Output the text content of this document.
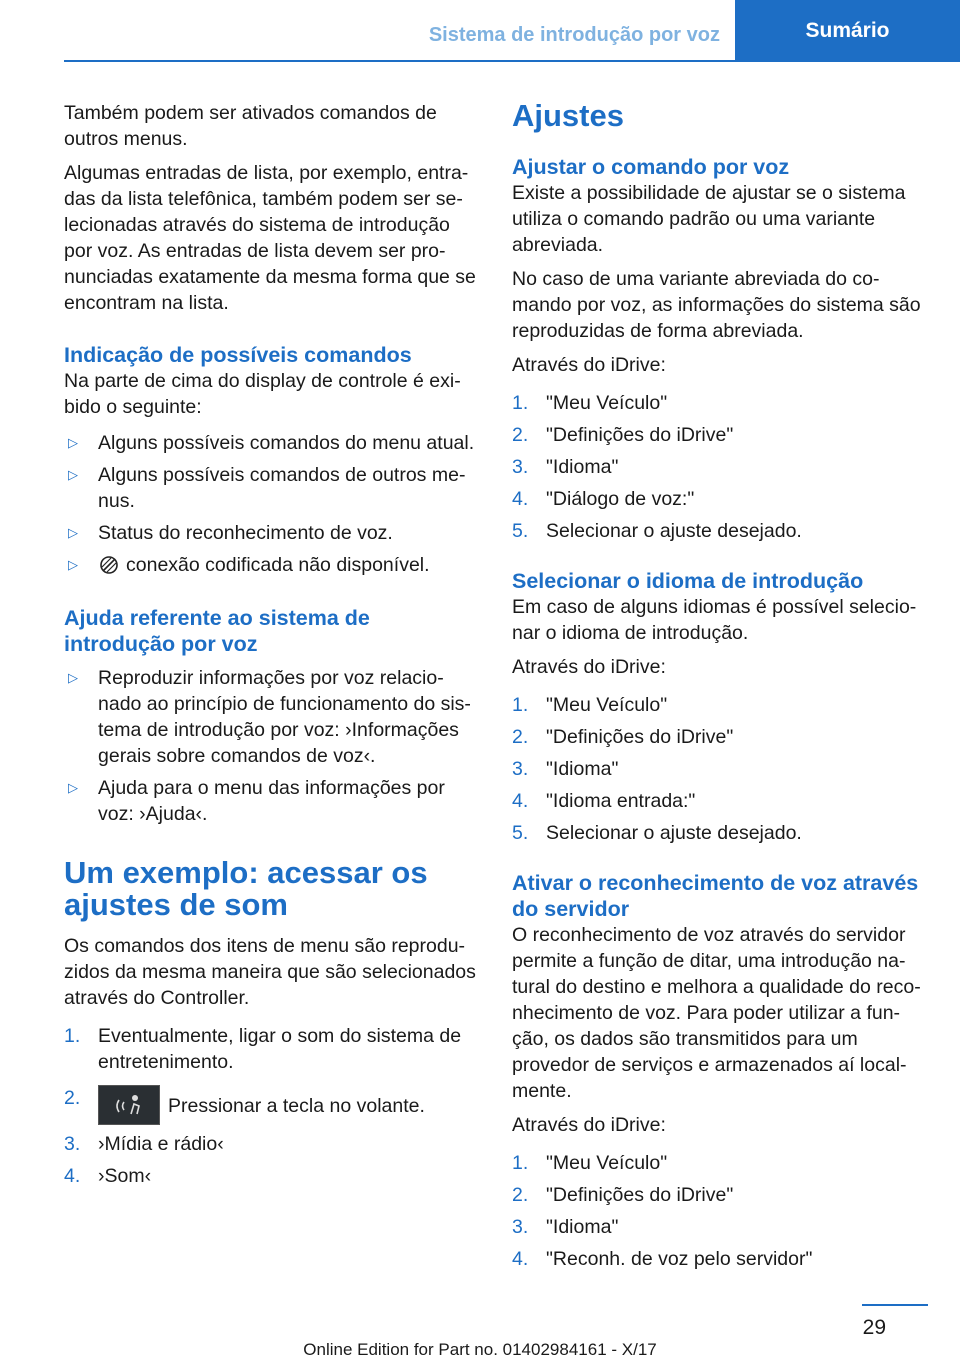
Sistema de introdução por voz	Sumário

Também podem ser ativados comandos de outros menus.

Algumas entradas de lista, por exemplo, entra-das da lista telefônica, também podem ser se-lecionadas através do sistema de introdução por voz. As entradas de lista devem ser pro-nunciadas exatamente da mesma forma que se encontram na lista.

Indicação de possíveis comandos

Na parte de cima do display de controle é exi-bido o seguinte:

▷ Alguns possíveis comandos do menu atual.
▷ Alguns possíveis comandos de outros me-nus.
▷ Status do reconhecimento de voz.
▷ conexão codificada não disponível.
Ajuda referente ao sistema de introdução por voz
▷ Reproduzir informações por voz relacio-nado ao princípio de funcionamento do sis-tema de introdução por voz: ›Informações gerais sobre comandos de voz‹.
▷ Ajuda para o menu das informações por voz: ›Ajuda‹.
Um exemplo: acessar os ajustes de som

Os comandos dos itens de menu são reprodu-zidos da mesma maneira que são selecionados através do Controller.

1. Eventualmente, ligar o som do sistema de entretenimento.
2.	Pressionar a tecla no volante.
3. ›Mídia e rádio‹
4. ›Som‹
Ajustes
Ajustar o comando por voz

Existe a possibilidade de ajustar se o sistema utiliza o comando padrão ou uma variante abreviada.

No caso de uma variante abreviada do co-mando por voz, as informações do sistema são reproduzidas de forma abreviada.

Através do iDrive:

1. "Meu Veículo"
2. "Definições do iDrive"
3. "Idioma"
4. "Diálogo de voz:"
5. Selecionar o ajuste desejado.
Selecionar o idioma de introdução

Em caso de alguns idiomas é possível selecio-nar o idioma de introdução.

Através do iDrive:

1. "Meu Veículo"
2. "Definições do iDrive"
3. "Idioma"
4. "Idioma entrada:"
5. Selecionar o ajuste desejado.
Ativar o reconhecimento de voz através do servidor

O reconhecimento de voz através do servidor permite a função de ditar, uma introdução na-tural do destino e melhora a qualidade do reco-nhecimento de voz. Para poder utilizar a fun-ção, os dados são transmitidos para um provedor de serviços e armazenados aí local-mente.

Através do iDrive:

1. "Meu Veículo"
2. "Definições do iDrive"
3. "Idioma"
4. "Reconh. de voz pelo servidor"
29
Online Edition for Part no. 01402984161 - X/17
